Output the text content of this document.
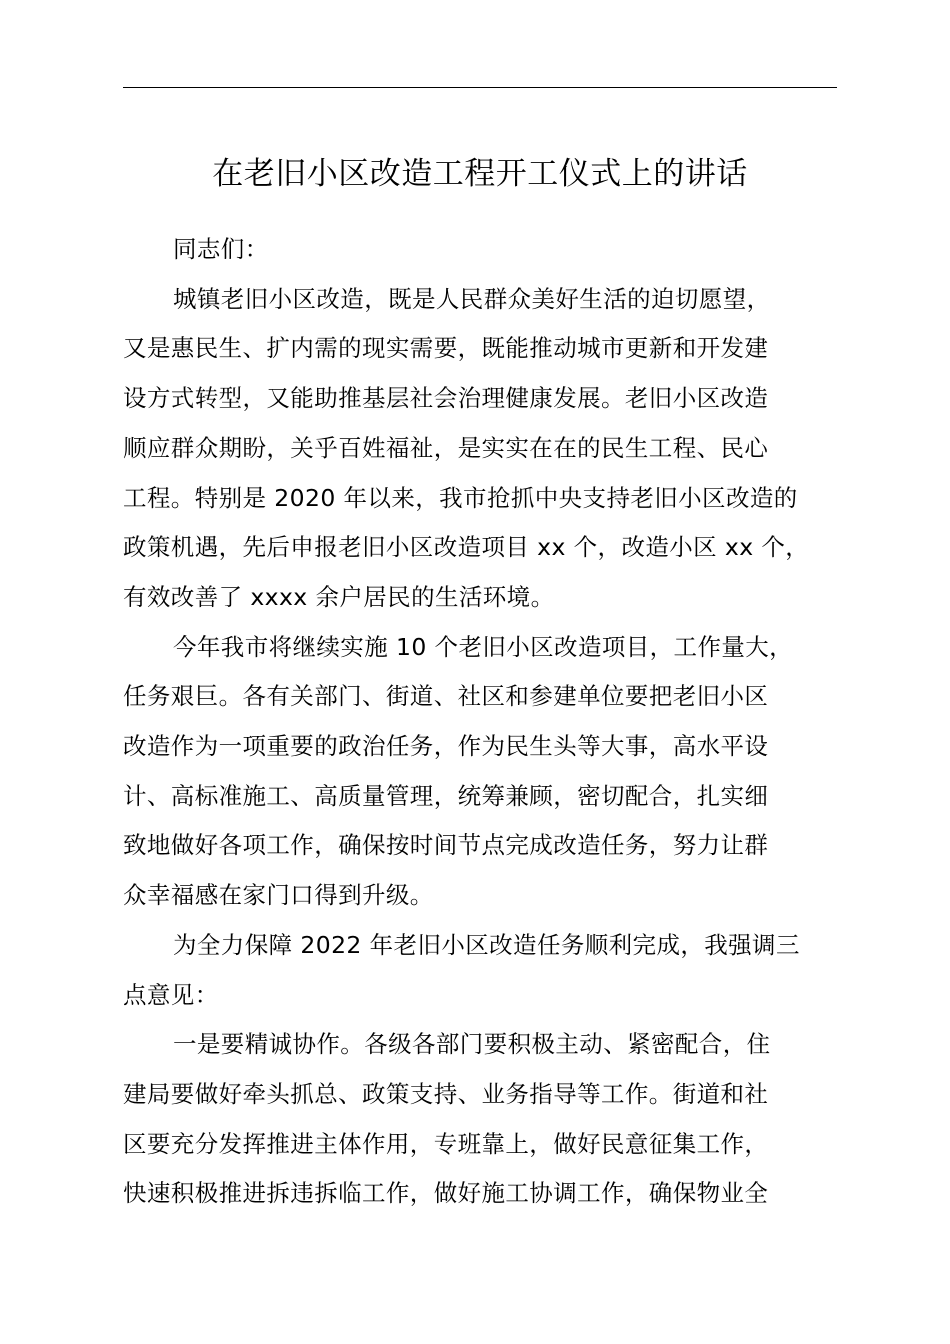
在老旧小区改造工程开工仪式上的讲话
同志们：
城镇老旧小区改造，既是人民群众美好生活的迫切愿望，
又是惠民生、扩内需的现实需要，既能推动城市更新和开发建
设方式转型，又能助推基层社会治理健康发展。老旧小区改造
顺应群众期盼，关乎百姓福祉，是实实在在的民生工程、民心
工程。特别是 2020 年以来，我市抢抓中央支持老旧小区改造的
政策机遇，先后申报老旧小区改造项目 xx 个，改造小区 xx 个，
有效改善了 xxxx 余户居民的生活环境。
今年我市将继续实施 10 个老旧小区改造项目，工作量大，
任务艰巨。各有关部门、街道、社区和参建单位要把老旧小区
改造作为一项重要的政治任务，作为民生头等大事，高水平设
计、高标准施工、高质量管理，统筹兼顾，密切配合，扎实细
致地做好各项工作，确保按时间节点完成改造任务，努力让群
众幸福感在家门口得到升级。
为全力保障 2022 年老旧小区改造任务顺利完成，我强调三
点意见：
一是要精诚协作。各级各部门要积极主动、紧密配合，住
建局要做好牵头抓总、政策支持、业务指导等工作。街道和社
区要充分发挥推进主体作用，专班靠上，做好民意征集工作，
快速积极推进拆违拆临工作，做好施工协调工作，确保物业全
